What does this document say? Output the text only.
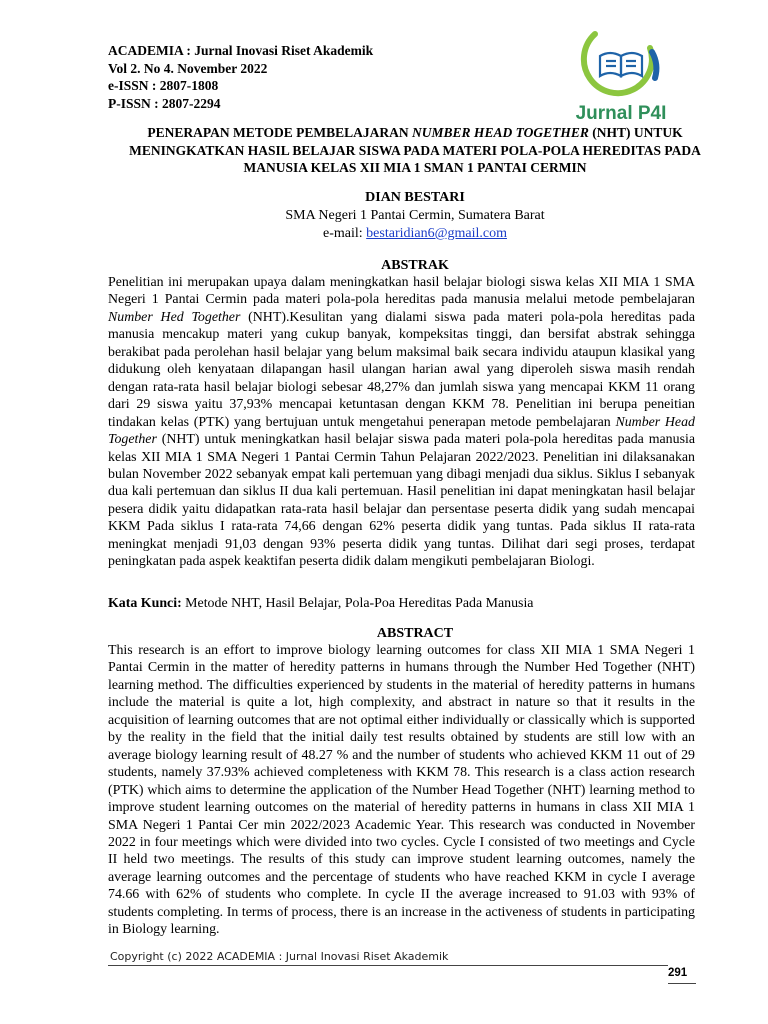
ACADEMIA : Jurnal Inovasi Riset Akademik
Vol 2. No 4. November 2022
e-ISSN : 2807-1808
P-ISSN : 2807-2294	Jurnal P4I
PENERAPAN METODE PEMBELAJARAN NUMBER HEAD TOGETHER (NHT) UNTUK MENINGKATKAN HASIL BELAJAR SISWA PADA MATERI POLA-POLA HEREDITAS PADA MANUSIA KELAS XII MIA 1 SMAN 1 PANTAI CERMIN
DIAN BESTARI
SMA Negeri 1 Pantai Cermin, Sumatera Barat
e-mail: bestaridian6@gmail.com
ABSTRAK

Penelitian ini merupakan upaya dalam meningkatkan hasil belajar biologi siswa kelas XII MIA 1 SMA Negeri 1 Pantai Cermin pada materi pola-pola hereditas pada manusia melalui metode pembelajaran Number Hed Together (NHT).Kesulitan yang dialami siswa pada materi pola-pola hereditas pada manusia mencakup materi yang cukup banyak, kompeksitas tinggi, dan bersifat abstrak sehingga berakibat pada perolehan hasil belajar yang belum maksimal baik secara individu ataupun klasikal yang didukung oleh kenyataan dilapangan hasil ulangan harian awal yang diperoleh siswa masih rendah dengan rata-rata hasil belajar biologi sebesar 48,27% dan jumlah siswa yang mencapai KKM 11 orang dari 29 siswa yaitu 37,93% mencapai ketuntasan dengan KKM 78. Penelitian ini berupa peneitian tindakan kelas (PTK) yang bertujuan untuk mengetahui penerapan metode pembelajaran Number Head Together (NHT) untuk meningkatkan hasil belajar siswa pada materi pola-pola hereditas pada manusia kelas XII MIA 1 SMA Negeri 1 Pantai Cermin Tahun Pelajaran 2022/2023. Penelitian ini dilaksanakan bulan November 2022 sebanyak empat kali pertemuan yang dibagi menjadi dua siklus. Siklus I sebanyak dua kali pertemuan dan siklus II dua kali pertemuan. Hasil penelitian ini dapat meningkatan hasil belajar pesera didik yaitu didapatkan rata-rata hasil belajar dan persentase peserta didik yang sudah mencapai KKM Pada siklus I rata-rata 74,66 dengan 62% peserta didik yang tuntas. Pada siklus II rata-rata meningkat menjadi 91,03 dengan 93% peserta didik yang tuntas. Dilihat dari segi proses, terdapat peningkatan pada aspek keaktifan peserta didik dalam mengikuti pembelajaran Biologi.

Kata Kunci: Metode NHT, Hasil Belajar, Pola-Poa Hereditas Pada Manusia
ABSTRACT

This research is an effort to improve biology learning outcomes for class XII MIA 1 SMA Negeri 1 Pantai Cermin in the matter of heredity patterns in humans through the Number Hed Together (NHT) learning method. The difficulties experienced by students in the material of heredity patterns in humans include the material is quite a lot, high complexity, and abstract in nature so that it results in the acquisition of learning outcomes that are not optimal either individually or classically which is supported by the reality in the field that the initial daily test results obtained by students are still low with an average biology learning result of 48.27 % and the number of students who achieved KKM 11 out of 29 students, namely 37.93% achieved completeness with KKM 78. This research is a class action research (PTK) which aims to determine the application of the Number Head Together (NHT) learning method to improve student learning outcomes on the material of heredity patterns in humans in class XII MIA 1 SMA Negeri 1 Pantai Cer min 2022/2023 Academic Year. This research was conducted in November 2022 in four meetings which were divided into two cycles. Cycle I consisted of two meetings and Cycle II held two meetings. The results of this study can improve student learning outcomes, namely the average learning outcomes and the percentage of students who have reached KKM in cycle I average 74.66 with 62% of students who complete. In cycle II the average increased to 91.03 with 93% of students completing. In terms of process, there is an increase in the activeness of students in participating in Biology learning.

Copyright (c) 2022 ACADEMIA : Jurnal Inovasi Riset Akademik
291
